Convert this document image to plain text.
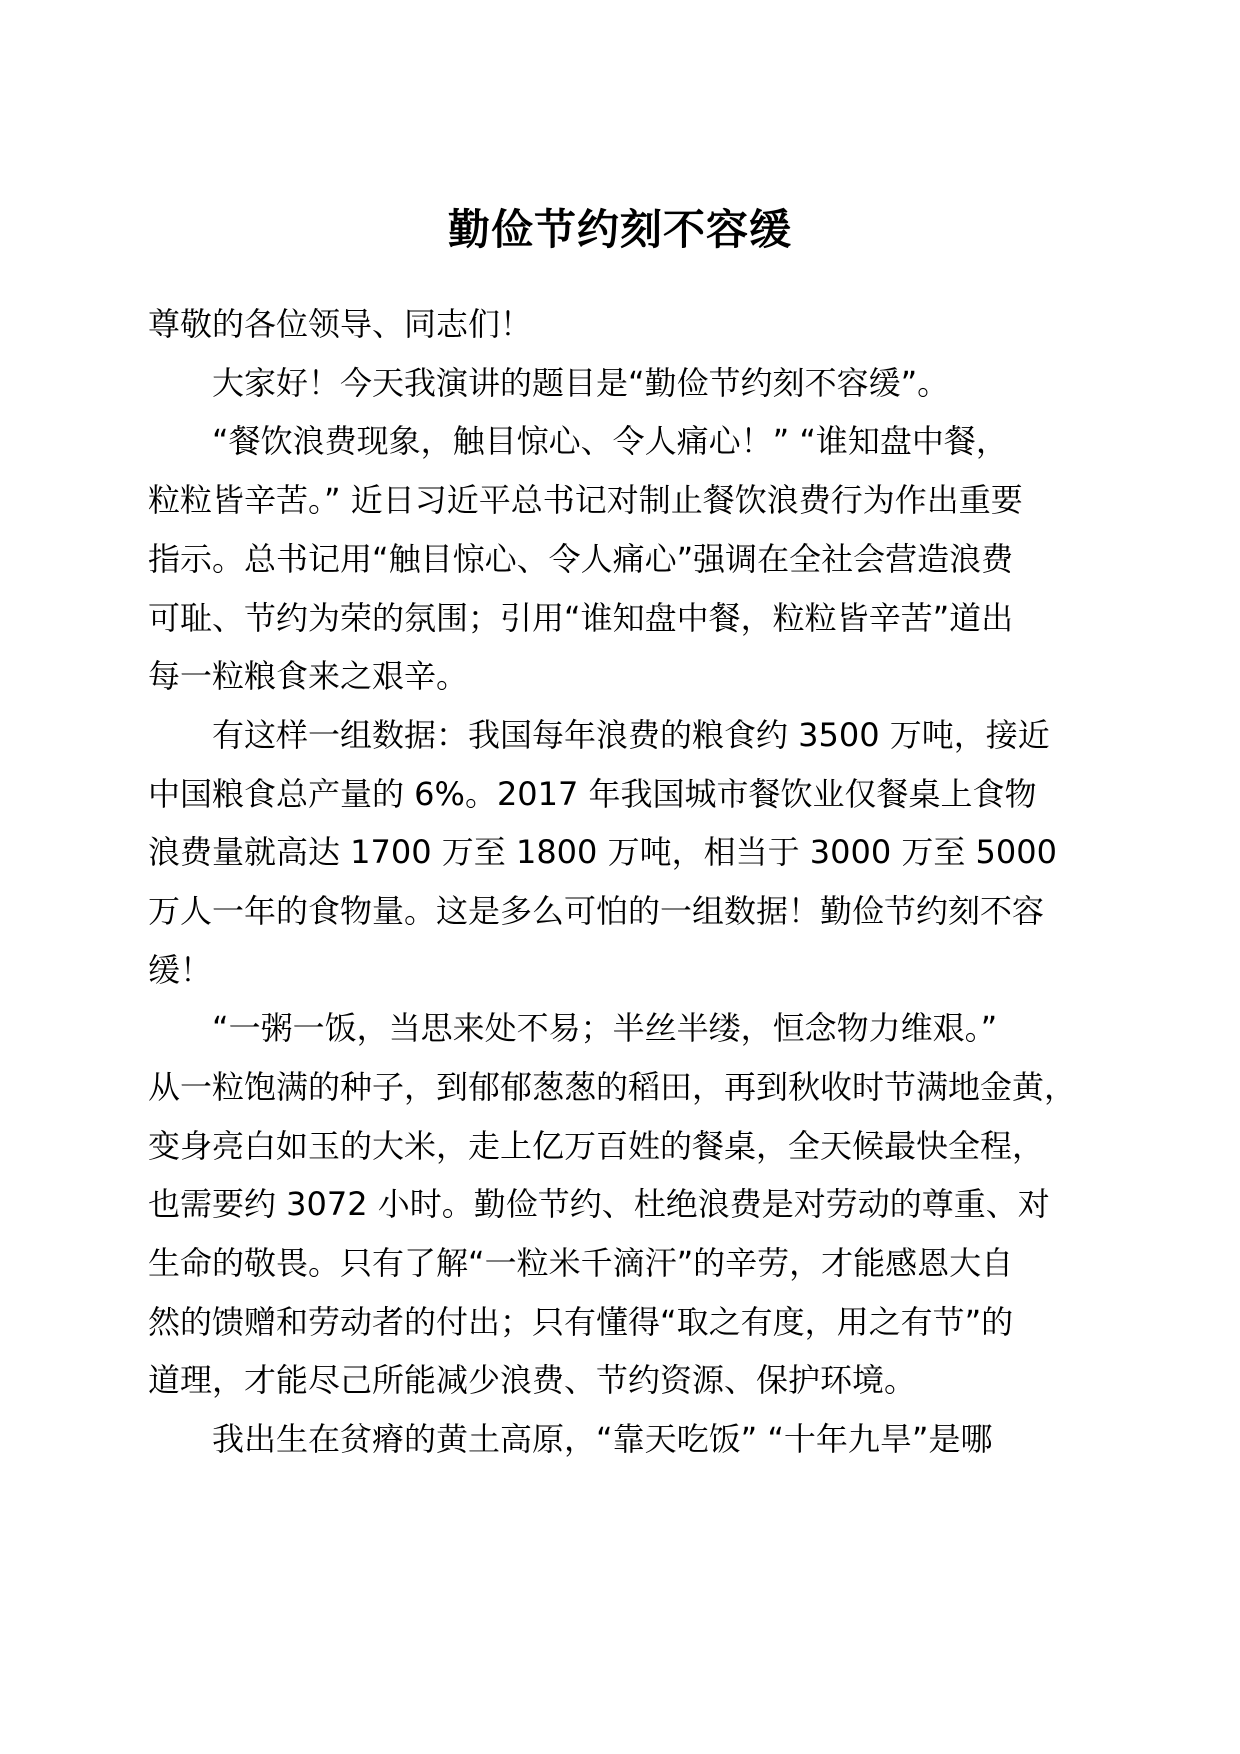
勤俭节约刻不容缓
尊敬的各位领导、同志们！
大家好！今天我演讲的题目是“勤俭节约刻不容缓”。
“餐饮浪费现象，触目惊心、令人痛心！” “谁知盘中餐，
粒粒皆辛苦。” 近日习近平总书记对制止餐饮浪费行为作出重要
指示。总书记用“触目惊心、令人痛心”强调在全社会营造浪费
可耻、节约为荣的氛围；引用“谁知盘中餐，粒粒皆辛苦”道出
每一粒粮食来之艰辛。
有这样一组数据：我国每年浪费的粮食约 3500 万吨，接近
中国粮食总产量的 6%。2017 年我国城市餐饮业仅餐桌上食物
浪费量就高达 1700 万至 1800 万吨，相当于 3000 万至 5000
万人一年的食物量。这是多么可怕的一组数据！勤俭节约刻不容
缓！
“一粥一饭，当思来处不易；半丝半缕，恒念物力维艰。”
从一粒饱满的种子，到郁郁葱葱的稻田，再到秋收时节满地金黄，
变身亮白如玉的大米，走上亿万百姓的餐桌，全天候最快全程，
也需要约 3072 小时。勤俭节约、杜绝浪费是对劳动的尊重、对
生命的敬畏。只有了解“一粒米千滴汗”的辛劳，才能感恩大自
然的馈赠和劳动者的付出；只有懂得“取之有度，用之有节”的
道理，才能尽己所能减少浪费、节约资源、保护环境。
我出生在贫瘠的黄土高原，“靠天吃饭” “十年九旱”是哪
